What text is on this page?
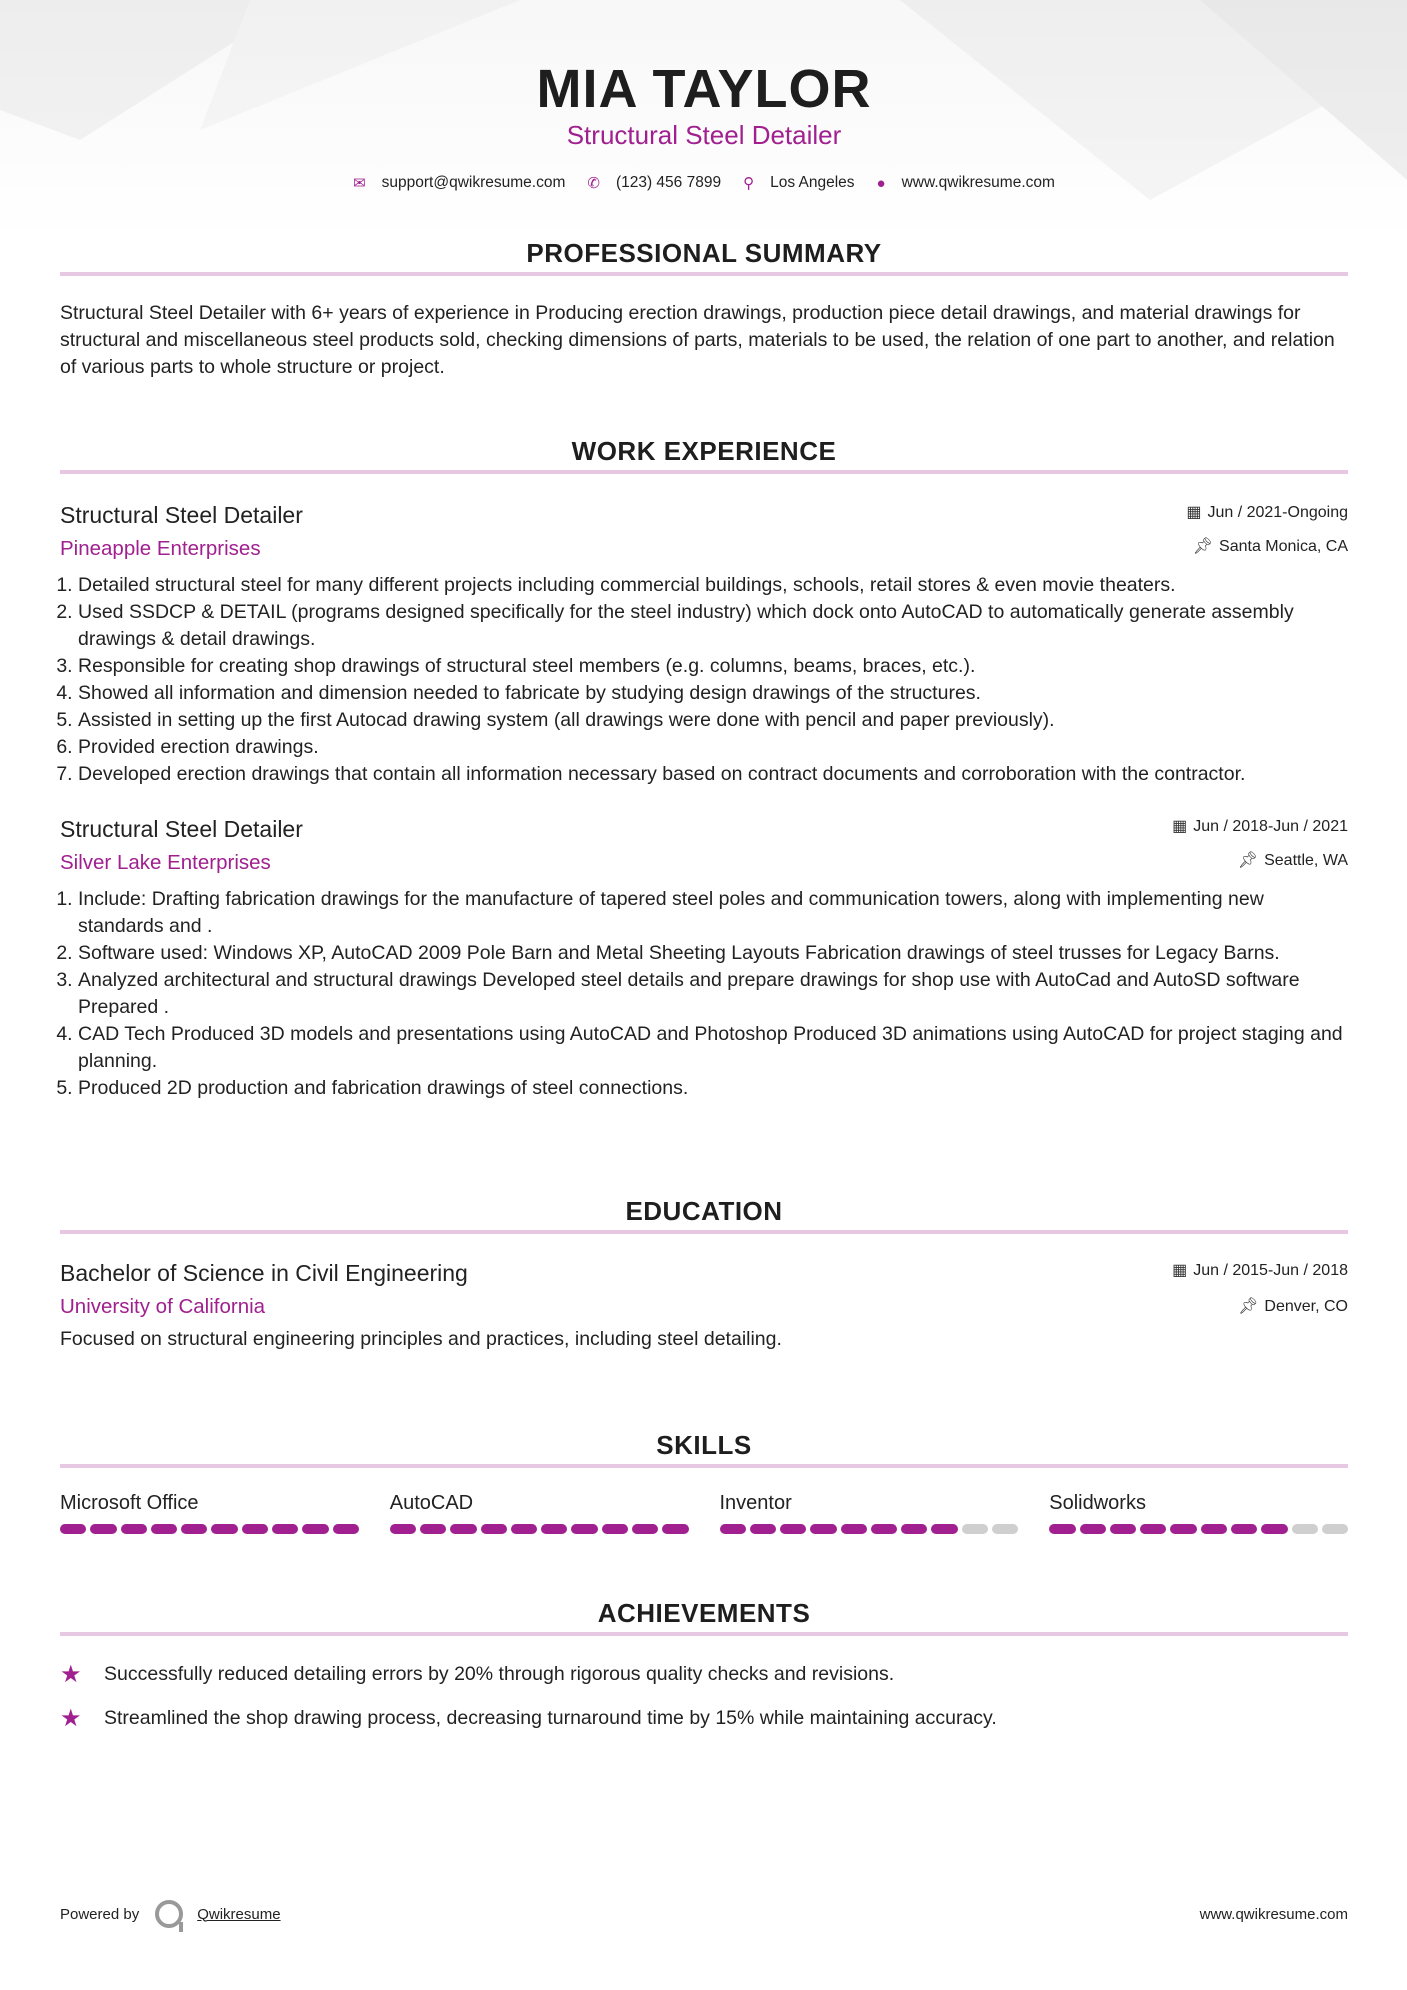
MIA TAYLOR
Structural Steel Detailer
✉ support@qwikresume.com ✆ (123) 456 7899 ⚲ Los Angeles ● www.qwikresume.com
PROFESSIONAL SUMMARY

Structural Steel Detailer with 6+ years of experience in Producing erection drawings, production piece detail drawings, and material drawings for structural and miscellaneous steel products sold, checking dimensions of parts, materials to be used, the relation of one part to another, and relation of various parts to whole structure or project.

WORK EXPERIENCE
▦ Jun / 2021-Ongoing
📌︎ Santa Monica, CA
Structural Steel Detailer
Pineapple Enterprises
1. Detailed structural steel for many different projects including commercial buildings, schools, retail stores & even movie theaters.
2. Used SSDCP & DETAIL (programs designed specifically for the steel industry) which dock onto AutoCAD to automatically generate assembly drawings & detail drawings.
3. Responsible for creating shop drawings of structural steel members (e.g. columns, beams, braces, etc.).
4. Showed all information and dimension needed to fabricate by studying design drawings of the structures.
5. Assisted in setting up the first Autocad drawing system (all drawings were done with pencil and paper previously).
6. Provided erection drawings.
7. Developed erection drawings that contain all information necessary based on contract documents and corroboration with the contractor.
▦ Jun / 2018-Jun / 2021
📌︎ Seattle, WA
Structural Steel Detailer
Silver Lake Enterprises
1. Include: Drafting fabrication drawings for the manufacture of tapered steel poles and communication towers, along with implementing new standards and .
2. Software used: Windows XP, AutoCAD 2009 Pole Barn and Metal Sheeting Layouts Fabrication drawings of steel trusses for Legacy Barns.
3. Analyzed architectural and structural drawings Developed steel details and prepare drawings for shop use with AutoCad and AutoSD software Prepared .
4. CAD Tech Produced 3D models and presentations using AutoCAD and Photoshop Produced 3D animations using AutoCAD for project staging and planning.
5. Produced 2D production and fabrication drawings of steel connections.
EDUCATION
▦ Jun / 2015-Jun / 2018
📌︎ Denver, CO
Bachelor of Science in Civil Engineering
University of California

Focused on structural engineering principles and practices, including steel detailing.

SKILLS
Microsoft Office	AutoCAD	Inventor	Solidworks
ACHIEVEMENTS
★	Successfully reduced detailing errors by 20% through rigorous quality checks and revisions.
★	Streamlined the shop drawing process, decreasing turnaround time by 15% while maintaining accuracy.
Powered by	Qwikresume	www.qwikresume.com
